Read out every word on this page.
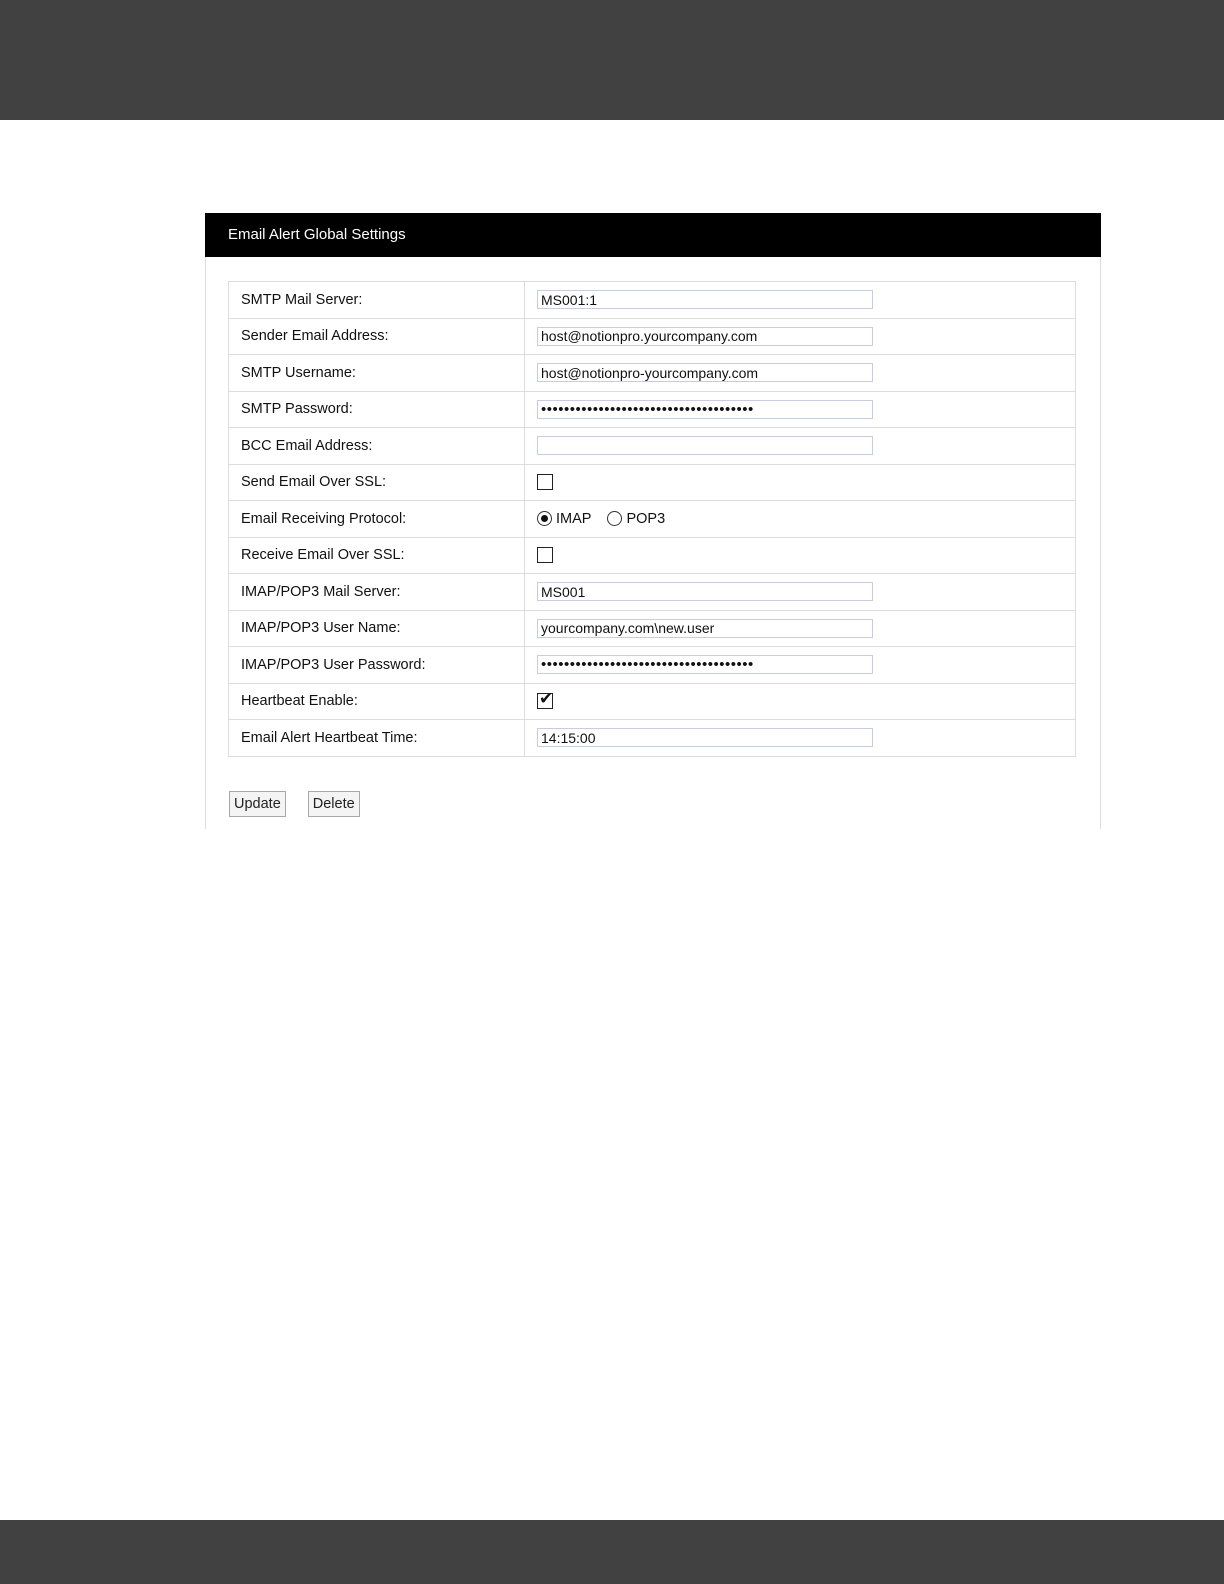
Email Alert Global Settings
SMTP Mail Server:	
MS001:1
Sender Email Address:	
host@notionpro.yourcompany.com
SMTP Username:	
host@notionpro-yourcompany.com
SMTP Password:	
•••••••••••••••••••••••••••••••••••••
BCC Email Address:	

Send Email Over SSL:	

Email Receiving Protocol:	IMAP POP3

Receive Email Over SSL:	

IMAP/POP3 Mail Server:	
MS001
IMAP/POP3 User Name:	
yourcompany.com\new.user
IMAP/POP3 User Password:	
•••••••••••••••••••••••••••••••••••••
Heartbeat Enable:	✔

Email Alert Heartbeat Time:	
14:15:00
Update	Delete
